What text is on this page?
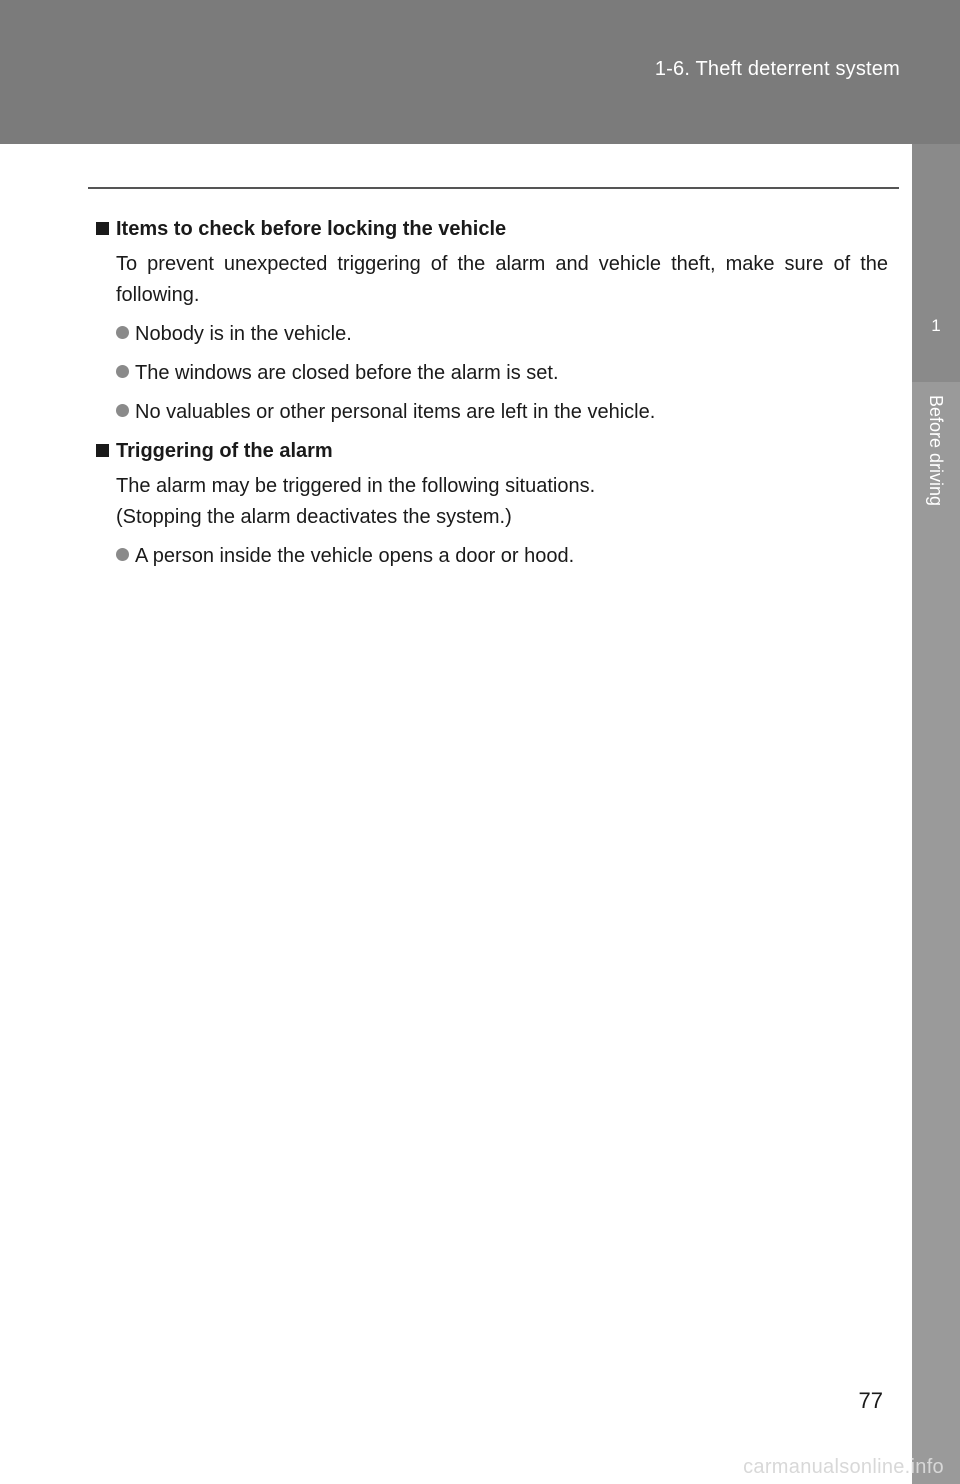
1-6. Theft deterrent system
1
Before driving
Items to check before locking the vehicle
To prevent unexpected triggering of the alarm and vehicle theft, make sure of the following.
Nobody is in the vehicle.
The windows are closed before the alarm is set.
No valuables or other personal items are left in the vehicle.
Triggering of the alarm
The alarm may be triggered in the following situations.
(Stopping the alarm deactivates the system.)
A person inside the vehicle opens a door or hood.
77
carmanualsonline.info
